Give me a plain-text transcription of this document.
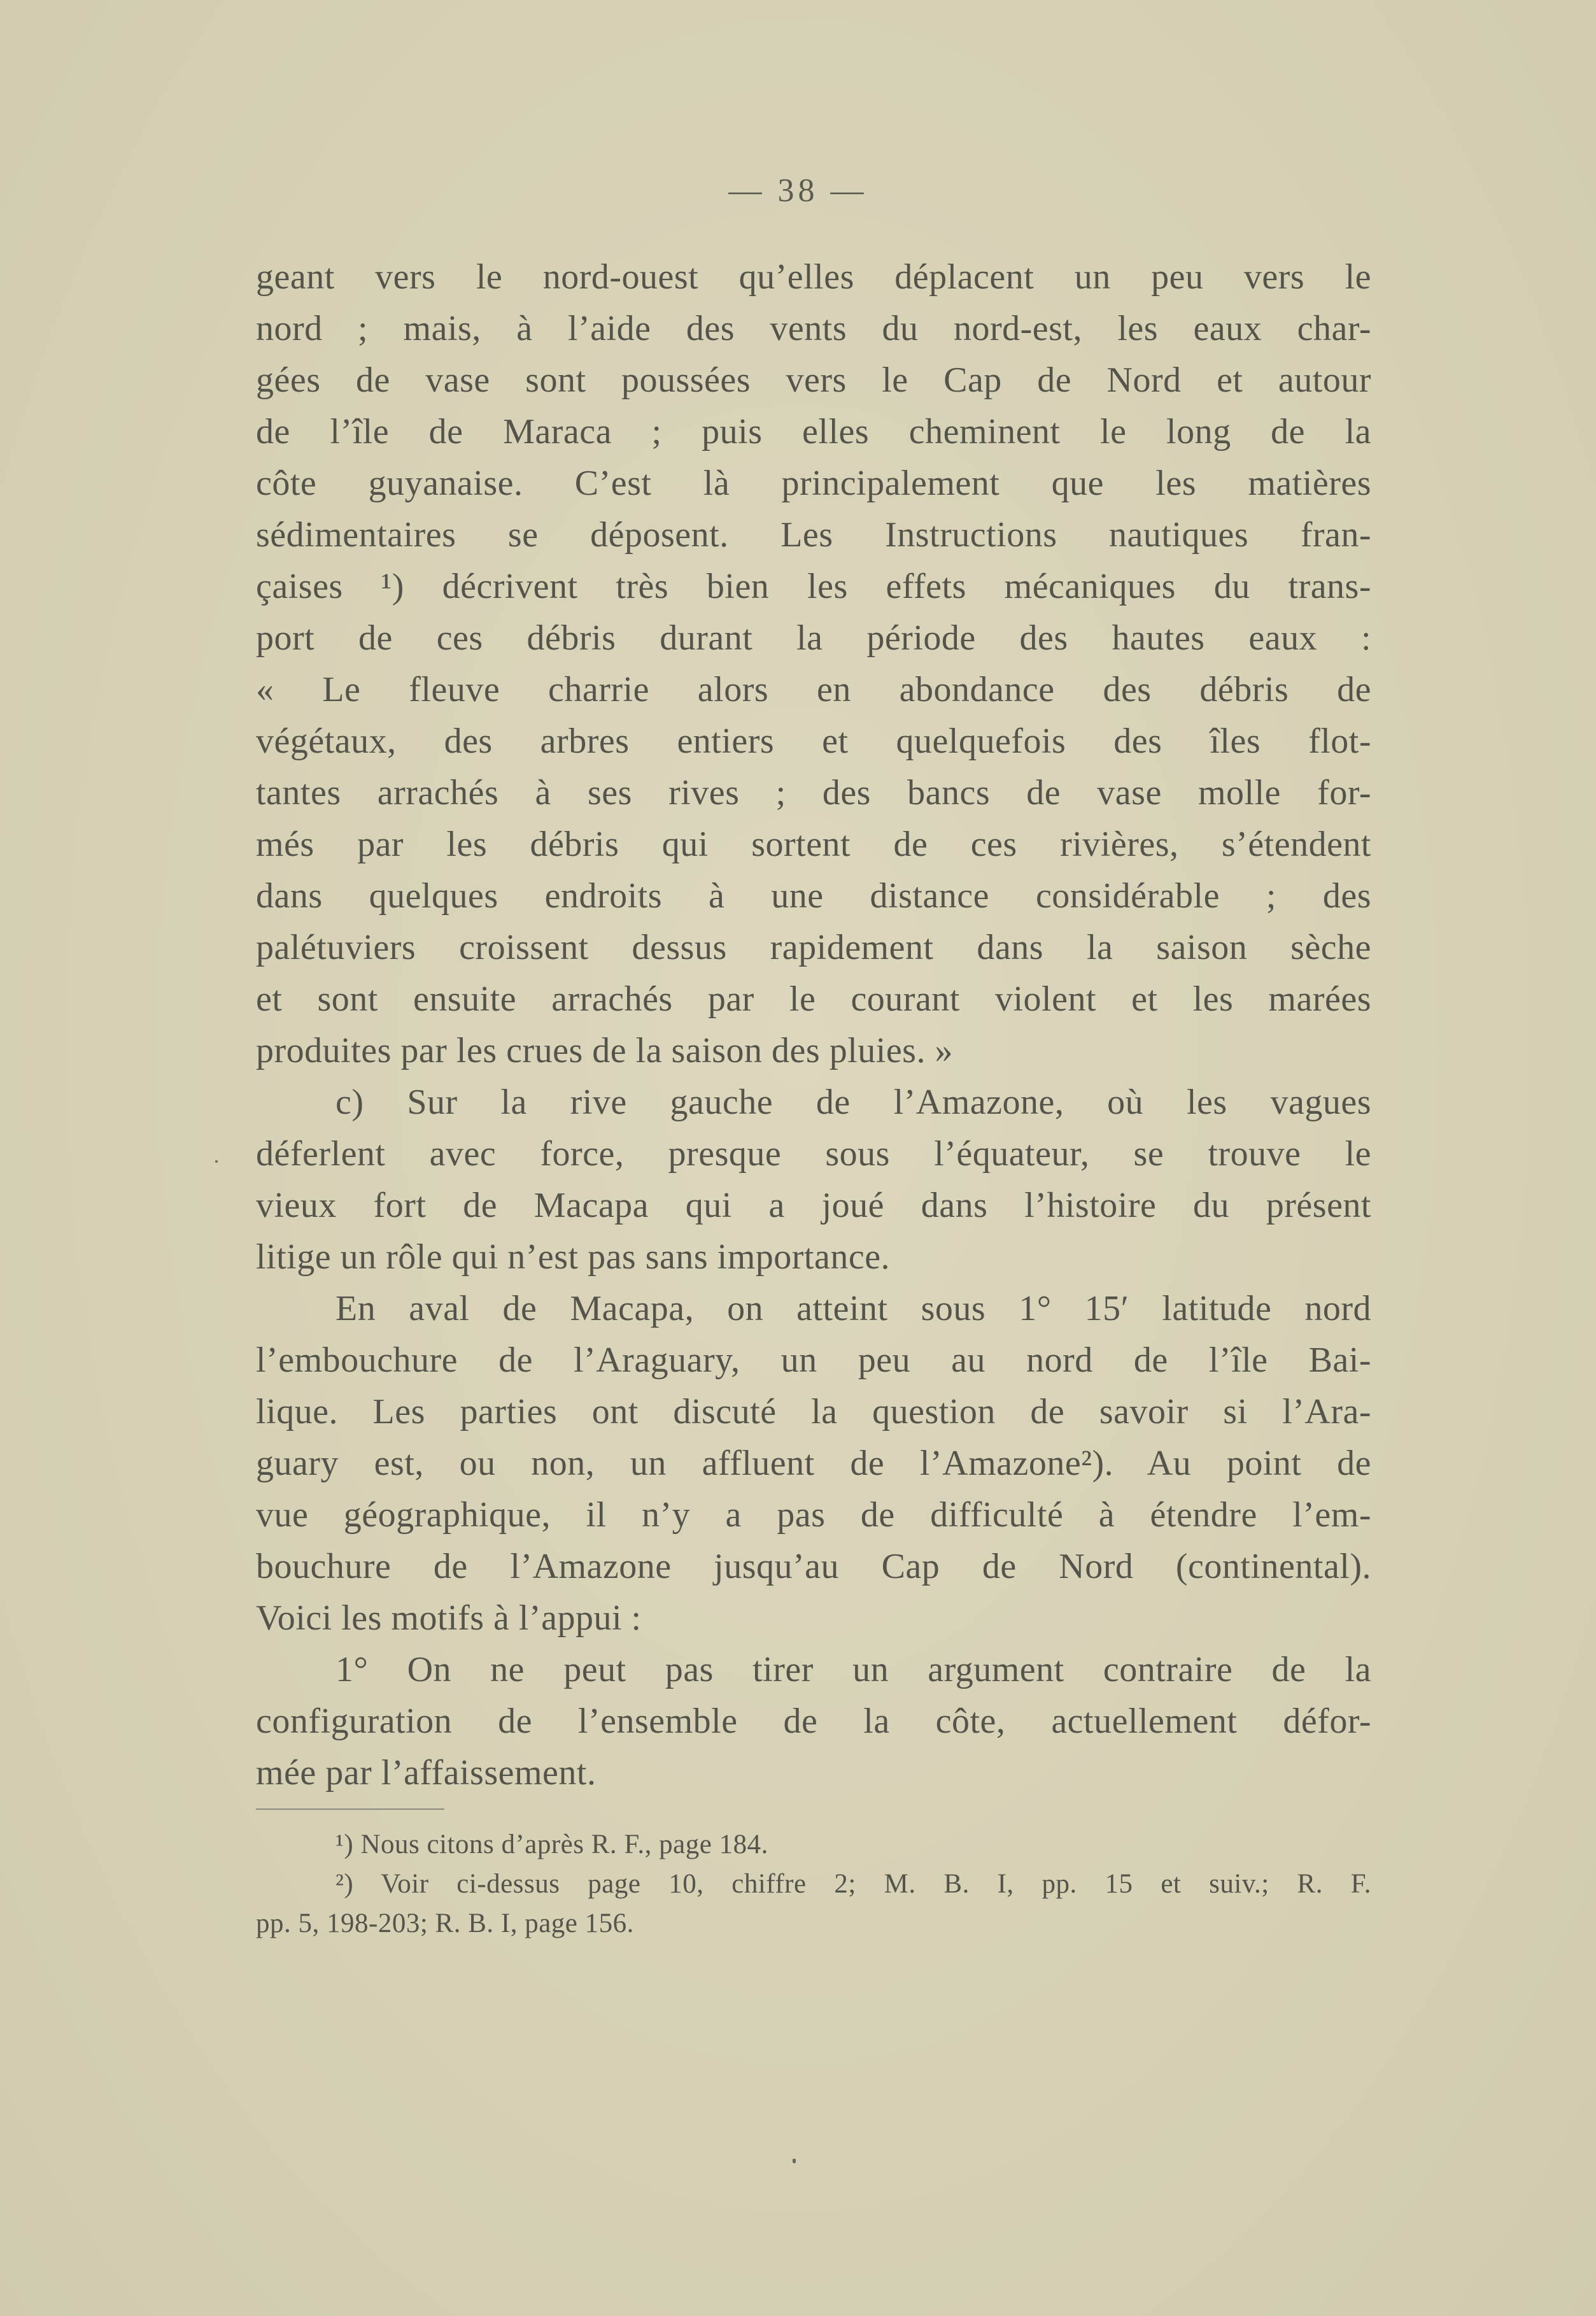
— 38 —
geant vers le nord-ouest qu’elles déplacent un peu vers le
nord ; mais, à l’aide des vents du nord-est, les eaux char-
gées de vase sont poussées vers le Cap de Nord et autour
de l’île de Maraca ; puis elles cheminent le long de la
côte guyanaise. C’est là principalement que les matières
sédimentaires se déposent. Les Instructions nautiques fran-
çaises ¹) décrivent très bien les effets mécaniques du trans-
port de ces débris durant la période des hautes eaux :
« Le fleuve charrie alors en abondance des débris de
végétaux, des arbres entiers et quelquefois des îles flot-
tantes arrachés à ses rives ; des bancs de vase molle for-
més par les débris qui sortent de ces rivières, s’étendent
dans quelques endroits à une distance considérable ; des
palétuviers croissent dessus rapidement dans la saison sèche
et sont ensuite arrachés par le courant violent et les marées
produites par les crues de la saison des pluies. »
c) Sur la rive gauche de l’Amazone, où les vagues
déferlent avec force, presque sous l’équateur, se trouve le
vieux fort de Macapa qui a joué dans l’histoire du présent
litige un rôle qui n’est pas sans importance.
En aval de Macapa, on atteint sous 1° 15′ latitude nord
l’embouchure de l’Araguary, un peu au nord de l’île Bai-
lique. Les parties ont discuté la question de savoir si l’Ara-
guary est, ou non, un affluent de l’Amazone²). Au point de
vue géographique, il n’y a pas de difficulté à étendre l’em-
bouchure de l’Amazone jusqu’au Cap de Nord (continental).
Voici les motifs à l’appui :
1° On ne peut pas tirer un argument contraire de la
configuration de l’ensemble de la côte, actuellement défor-
mée par l’affaissement.
¹) Nous citons d’après R. F., page 184.
²) Voir ci-dessus page 10, chiffre 2; M. B. I, pp. 15 et suiv.; R. F.
pp. 5, 198-203; R. B. I, page 156.
